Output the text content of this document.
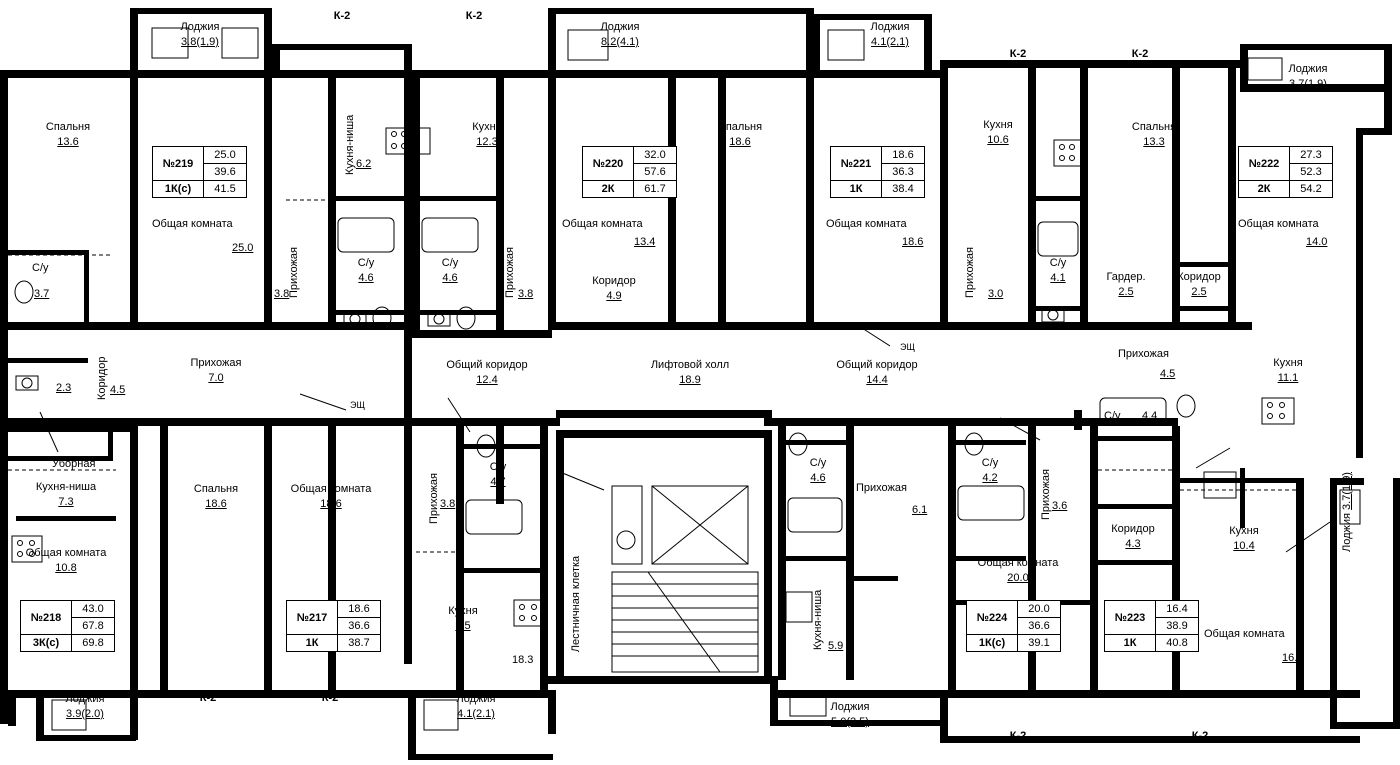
К-2	К-2
К-2	К-2
К-2	К-2
К-2	К-2
ЭЩ
ЭЩ
Лоджия
3.8(1,9)
Лоджия
8.2(4.1)
Лоджия
4.1(2,1)
Лоджия
3.7(1,9)
Лоджия
3.9(2.0)
Лоджия
4.1(2.1)
Лоджия
5.0(2.5)
Лоджия 3.7(1,9)
№219	25.0
	39.6
1К(с)	41.5
№220	32.0
	57.6
2К	61.7
№221	18.6
	36.3
1К	38.4
№222	27.3
	52.3
2К	54.2
№218	43.0
	67.8
3К(с)	69.8
№217	18.6
	36.6
1К	38.7
№224	20.0
	36.6
1К(с)	39.1
№223	16.4
	38.9
1К	40.8
Спальня
13.6
Общая комната
25.0
Кухня-ниша 6.2
Кухня
12.3
Спальня
18.6
Кухня
10.6
Спальня
13.3
Общая комната
14.0
Прихожая
3.8
С/у
4.6
С/у
4.6	Прихожая 3.8
Общая комната
13.4
Коридор
4.9
Общая комната
18.6
Прихожая 3.0
С/у
4.1	Гардер.
2.5
Коридор
2.5
С/у
3.7
Коридор 4.5
2.3
Прихожая
7.0
Прихожая
4.5
Кухня
11.1
Уборная
Кухня-ниша
7.3
Спальня
18.6
Общая комната
18.6	Прихожая 3.8
С/у
4.7
С/у
4.6
Прихожая
6.1
С/у
4.2	Прихожая 3.6
С/у 4.4
Общая комната
10.8
Кухня
9.5	Кухня-ниша 5.9
Общая комната
20.0
Коридор
4.3
Кухня
10.4
Общая комната
16.4
18.3
Общий коридор
12.4
Лифтовой холл
18.9
Общий коридор
14.4
Лестничная клетка
